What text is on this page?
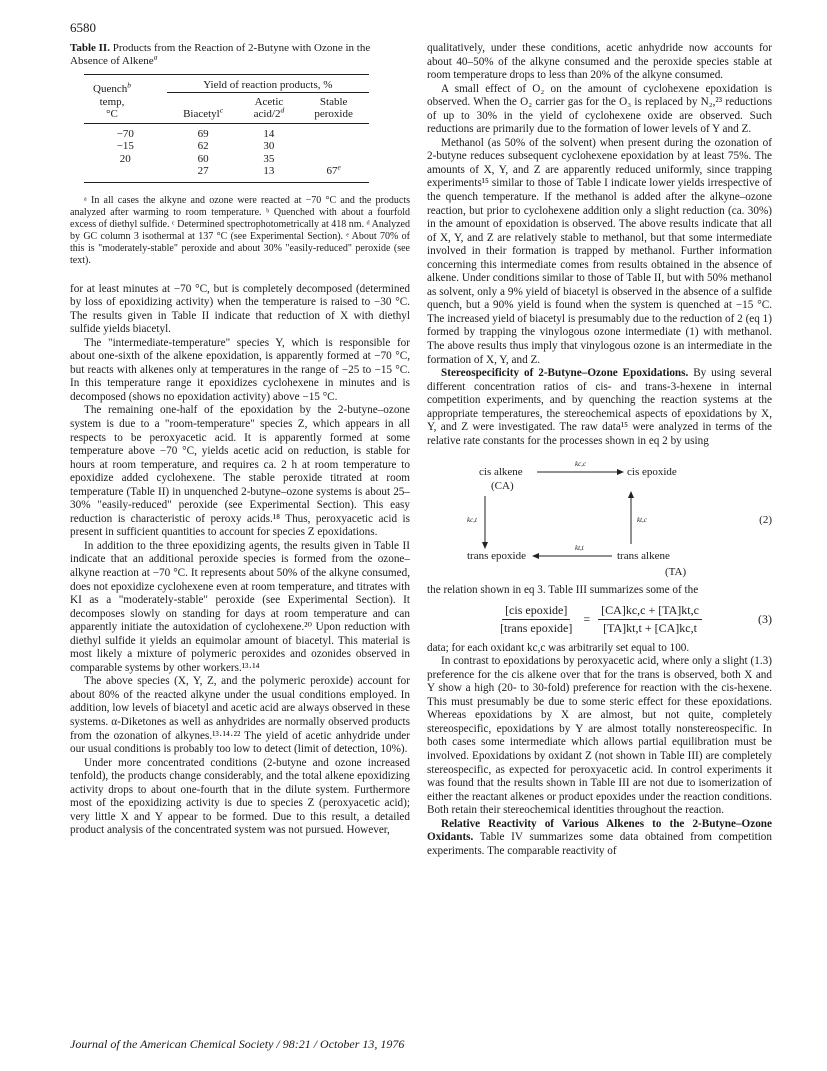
6580
Table II. Products from the Reaction of 2-Butyne with Ozone in the Absence of Alkene$^a$

Quench$^b$
temp,
°C	Yield of reaction products, %		
	Biacetyl$^c$	Acetic
acid/2$^d$	Stable
peroxide

−70	69	14	
−15	62	30	
20	60	35	
	27	13	67e

ᵃ In all cases the alkyne and ozone were reacted at −70 °C and the products analyzed after warming to room temperature. ᵇ Quenched with about a fourfold excess of diethyl sulfide. ᶜ Determined spectrophotometrically at 418 nm. ᵈ Analyzed by GC column 3 isothermal at 137 °C (see Experimental Section). ᵉ About 70% of this is "moderately-stable" peroxide and about 30% "easily-reduced" peroxide (see text).

for at least minutes at −70 °C, but is completely decomposed (determined by loss of epoxidizing activity) when the temperature is raised to −30 °C. The results given in Table II indicate that reduction of X with diethyl sulfide yields biacetyl.

The "intermediate-temperature" species Y, which is responsible for about one-sixth of the alkene epoxidation, is apparently formed at −70 °C, but reacts with alkenes only at temperatures in the range of −25 to −15 °C. In this temperature range it epoxidizes cyclohexene in minutes and is decomposed (shows no epoxidation activity) above −15 °C.

The remaining one-half of the epoxidation by the 2-butyne–ozone system is due to a "room-temperature" species Z, which appears in all respects to be peroxyacetic acid. It is apparently formed at some temperature above −70 °C, yields acetic acid on reduction, is stable for hours at room temperature, and requires ca. 2 h at room temperature to epoxidize added cyclohexene. The stable peroxide titrated at room temperature (Table II) in unquenched 2-butyne–ozone systems is about 25–30% "easily-reduced" peroxide (see Experimental Section). This easy reduction is characteristic of peroxy acids.¹⁸ Thus, peroxyacetic acid is present in sufficient quantities to account for species Z epoxidations.

In addition to the three epoxidizing agents, the results given in Table II indicate that an additional peroxide species is formed from the ozone–alkyne reaction at −70 °C. It represents about 50% of the alkyne consumed, does not epoxidize cyclohexene even at room temperature, and titrates with KI as a "moderately-stable" peroxide (see Experimental Section). It decomposes slowly on standing for days at room temperature and can apparently initiate the autoxidation of cyclohexene.²⁰ Upon reduction with diethyl sulfide it yields an equimolar amount of biacetyl. This material is most likely a mixture of polymeric peroxides and ozonides observed in comparable systems by other workers.¹³·¹⁴

The above species (X, Y, Z, and the polymeric peroxide) account for about 80% of the reacted alkyne under the usual conditions employed. In addition, low levels of biacetyl and acetic acid are always observed in these systems. α-Diketones as well as anhydrides are normally observed products from the ozonation of alkynes.¹³·¹⁴·²² The yield of acetic anhydride under our usual conditions is probably too low to detect (limit of detection, 10%).

Under more concentrated conditions (2-butyne and ozone increased tenfold), the products change considerably, and the total alkene epoxidizing activity drops to about one-fourth that in the dilute system. Furthermore most of the epoxidizing activity is due to species Z (peroxyacetic acid); very little X and Y appear to be formed. Due to this result, a detailed product analysis of the concentrated system was not pursued. However,

qualitatively, under these conditions, acetic anhydride now accounts for about 40–50% of the alkyne consumed and the peroxide species stable at room temperature drops to less than 20% of the alkyne consumed.

A small effect of O₂ on the amount of cyclohexene epoxidation is observed. When the O₂ carrier gas for the O₃ is replaced by N₂,²³ reductions of up to 30% in the yield of cyclohexene oxide are observed. Such reductions are primarily due to the formation of lower levels of Y and Z.

Methanol (as 50% of the solvent) when present during the ozonation of 2-butyne reduces subsequent cyclohexene epoxidation by at least 75%. The amounts of X, Y, and Z are apparently reduced uniformly, since trapping experiments¹⁵ similar to those of Table I indicate lower yields irrespective of the quench temperature. If the methanol is added after the alkyne–ozone reaction, but prior to cyclohexene addition only a slight reduction (ca. 30%) in the amount of epoxidation is observed. The above results indicate that all of X, Y, and Z are relatively stable to methanol, but that some intermediate involved in their formation is trapped by methanol. Further information concerning this intermediate comes from results obtained in the absence of alkene. Under conditions similar to those of Table II, but with 50% methanol as solvent, only a 9% yield of biacetyl is observed in the absence of a sulfide quench, but a 90% yield is found when the system is quenched at −15 °C. The increased yield of biacetyl is presumably due to the reduction of 2 (eq 1) formed by trapping the vinylogous ozone intermediate (1) with methanol. The above results thus imply that vinylogous ozone is an intermediate in the formation of X, Y, and Z.

Stereospecificity of 2-Butyne–Ozone Epoxidations. By using several different concentration ratios of cis- and trans-3-hexene in internal competition experiments, and by quenching the reaction systems at the appropriate temperatures, the stereochemical aspects of epoxidations by X, Y, and Z were investigated. The raw data¹⁵ were analyzed in terms of the relative rate constants for the processes shown in eq 2 by using

cis alkene
(CA)
cis epoxide
kc,c
kc,t	kt,c
kt,t
trans epoxide	trans alkene
(2)
(TA)

the relation shown in eq 3. Table III summarizes some of the

$\frac{\text{[cis epoxide]}}{\text{[trans epoxide]}} = \frac{[CA]kc,c + [TA]kt,c}{[TA]kt,t + [CA]kc,t}$	(3)

data; for each oxidant kc,c was arbitrarily set equal to 100.

In contrast to epoxidations by peroxyacetic acid, where only a slight (1.3) preference for the cis alkene over that for the trans is observed, both X and Y show a high (20- to 30-fold) preference for reaction with the cis-hexene. This must presumably be due to some steric effect for these epoxidations. Whereas epoxidations by X are almost, but not quite, completely stereospecific, epoxidations by Y are almost totally nonstereospecific. In both cases some intermediate which allows partial equilibration must be involved. Epoxidations by oxidant Z (not shown in Table III) are completely stereospecific, as expected for peroxyacetic acid. In control experiments it was found that the results shown in Table III are not due to isomerization of either the reactant alkenes or product epoxides under the reaction conditions. Both retain their stereochemical identities throughout the reaction.

Relative Reactivity of Various Alkenes to the 2-Butyne–Ozone Oxidants. Table IV summarizes some data obtained from competition experiments. The comparable reactivity of

Journal of the American Chemical Society / 98:21 / October 13, 1976
